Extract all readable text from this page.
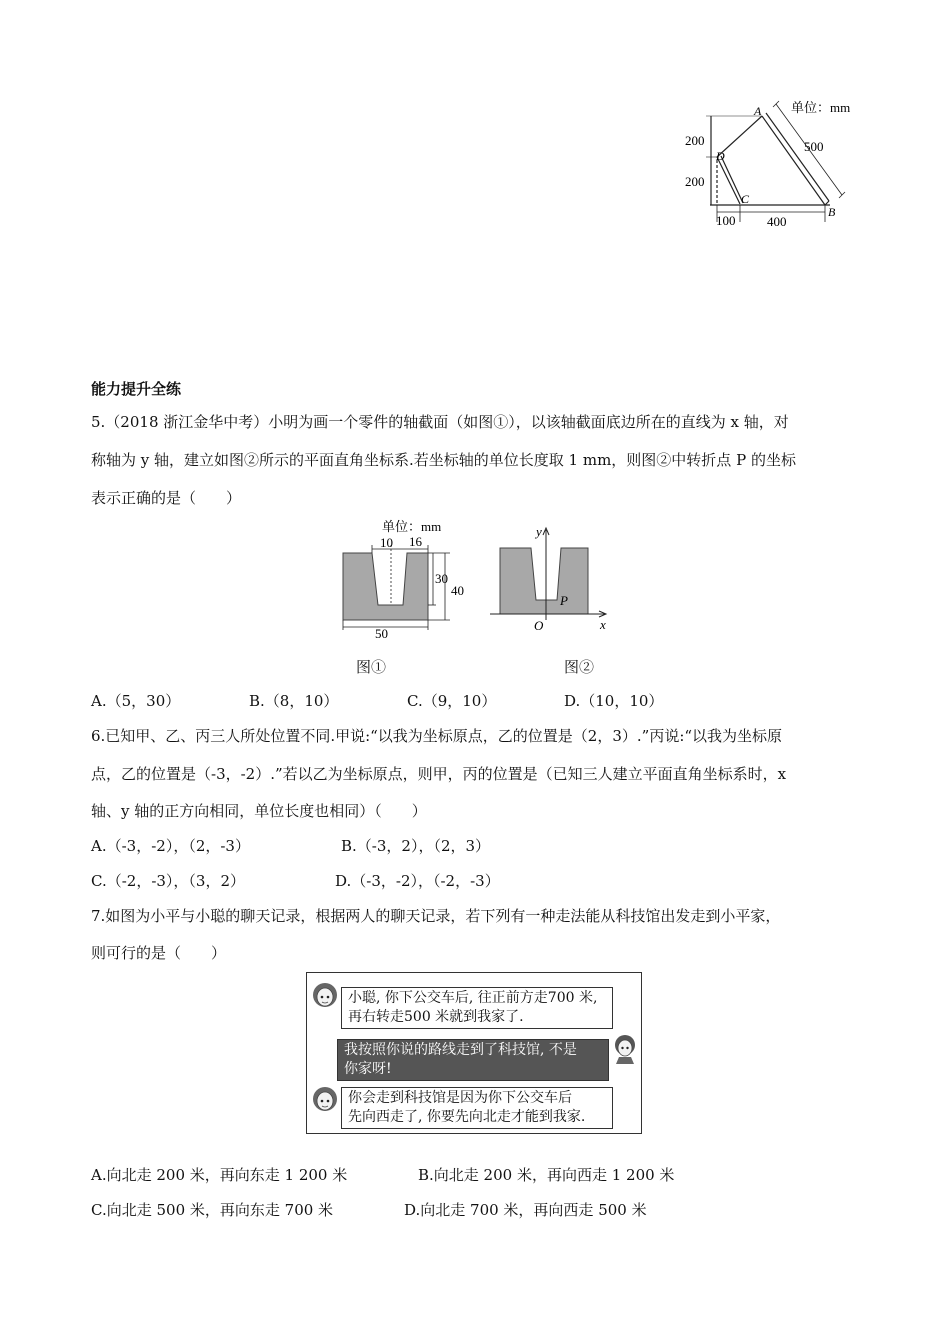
单位：mm
A
B
C
D
200
200
100 400
500
能力提升全练
5.（2018 浙江金华中考）小明为画一个零件的轴截面（如图①），以该轴截面底边所在的直线为 x 轴，对
称轴为 y 轴，建立如图②所示的平面直角坐标系.若坐标轴的单位长度取 1 mm，则图②中转折点 P 的坐标
表示正确的是（　　）
单位：mm
10 16
30
40
50
图①
y
x
O
P
图②
A.（5，30）	B.（8，10）	C.（9，10）	D.（10，10）
6.已知甲、乙、丙三人所处位置不同.甲说:“以我为坐标原点，乙的位置是（2，3）.”丙说:“以我为坐标原
点，乙的位置是（-3，-2）.”若以乙为坐标原点，则甲，丙的位置是（已知三人建立平面直角坐标系时，x
轴、y 轴的正方向相同，单位长度也相同）（　　）
A.（-3，-2），（2，-3）	B.（-3，2），（2，3）
C.（-2，-3），（3，2）	D.（-3，-2），（-2，-3）
7.如图为小平与小聪的聊天记录，根据两人的聊天记录，若下列有一种走法能从科技馆出发走到小平家，
则可行的是（　　）
小聪, 你下公交车后, 往正前方走700 米,
再右转走500 米就到我家了.
我按照你说的路线走到了科技馆, 不是
你家呀!
你会走到科技馆是因为你下公交车后
先向西走了, 你要先向北走才能到我家.
A.向北走 200 米，再向东走 1 200 米	B.向北走 200 米，再向西走 1 200 米
C.向北走 500 米，再向东走 700 米	D.向北走 700 米，再向西走 500 米
